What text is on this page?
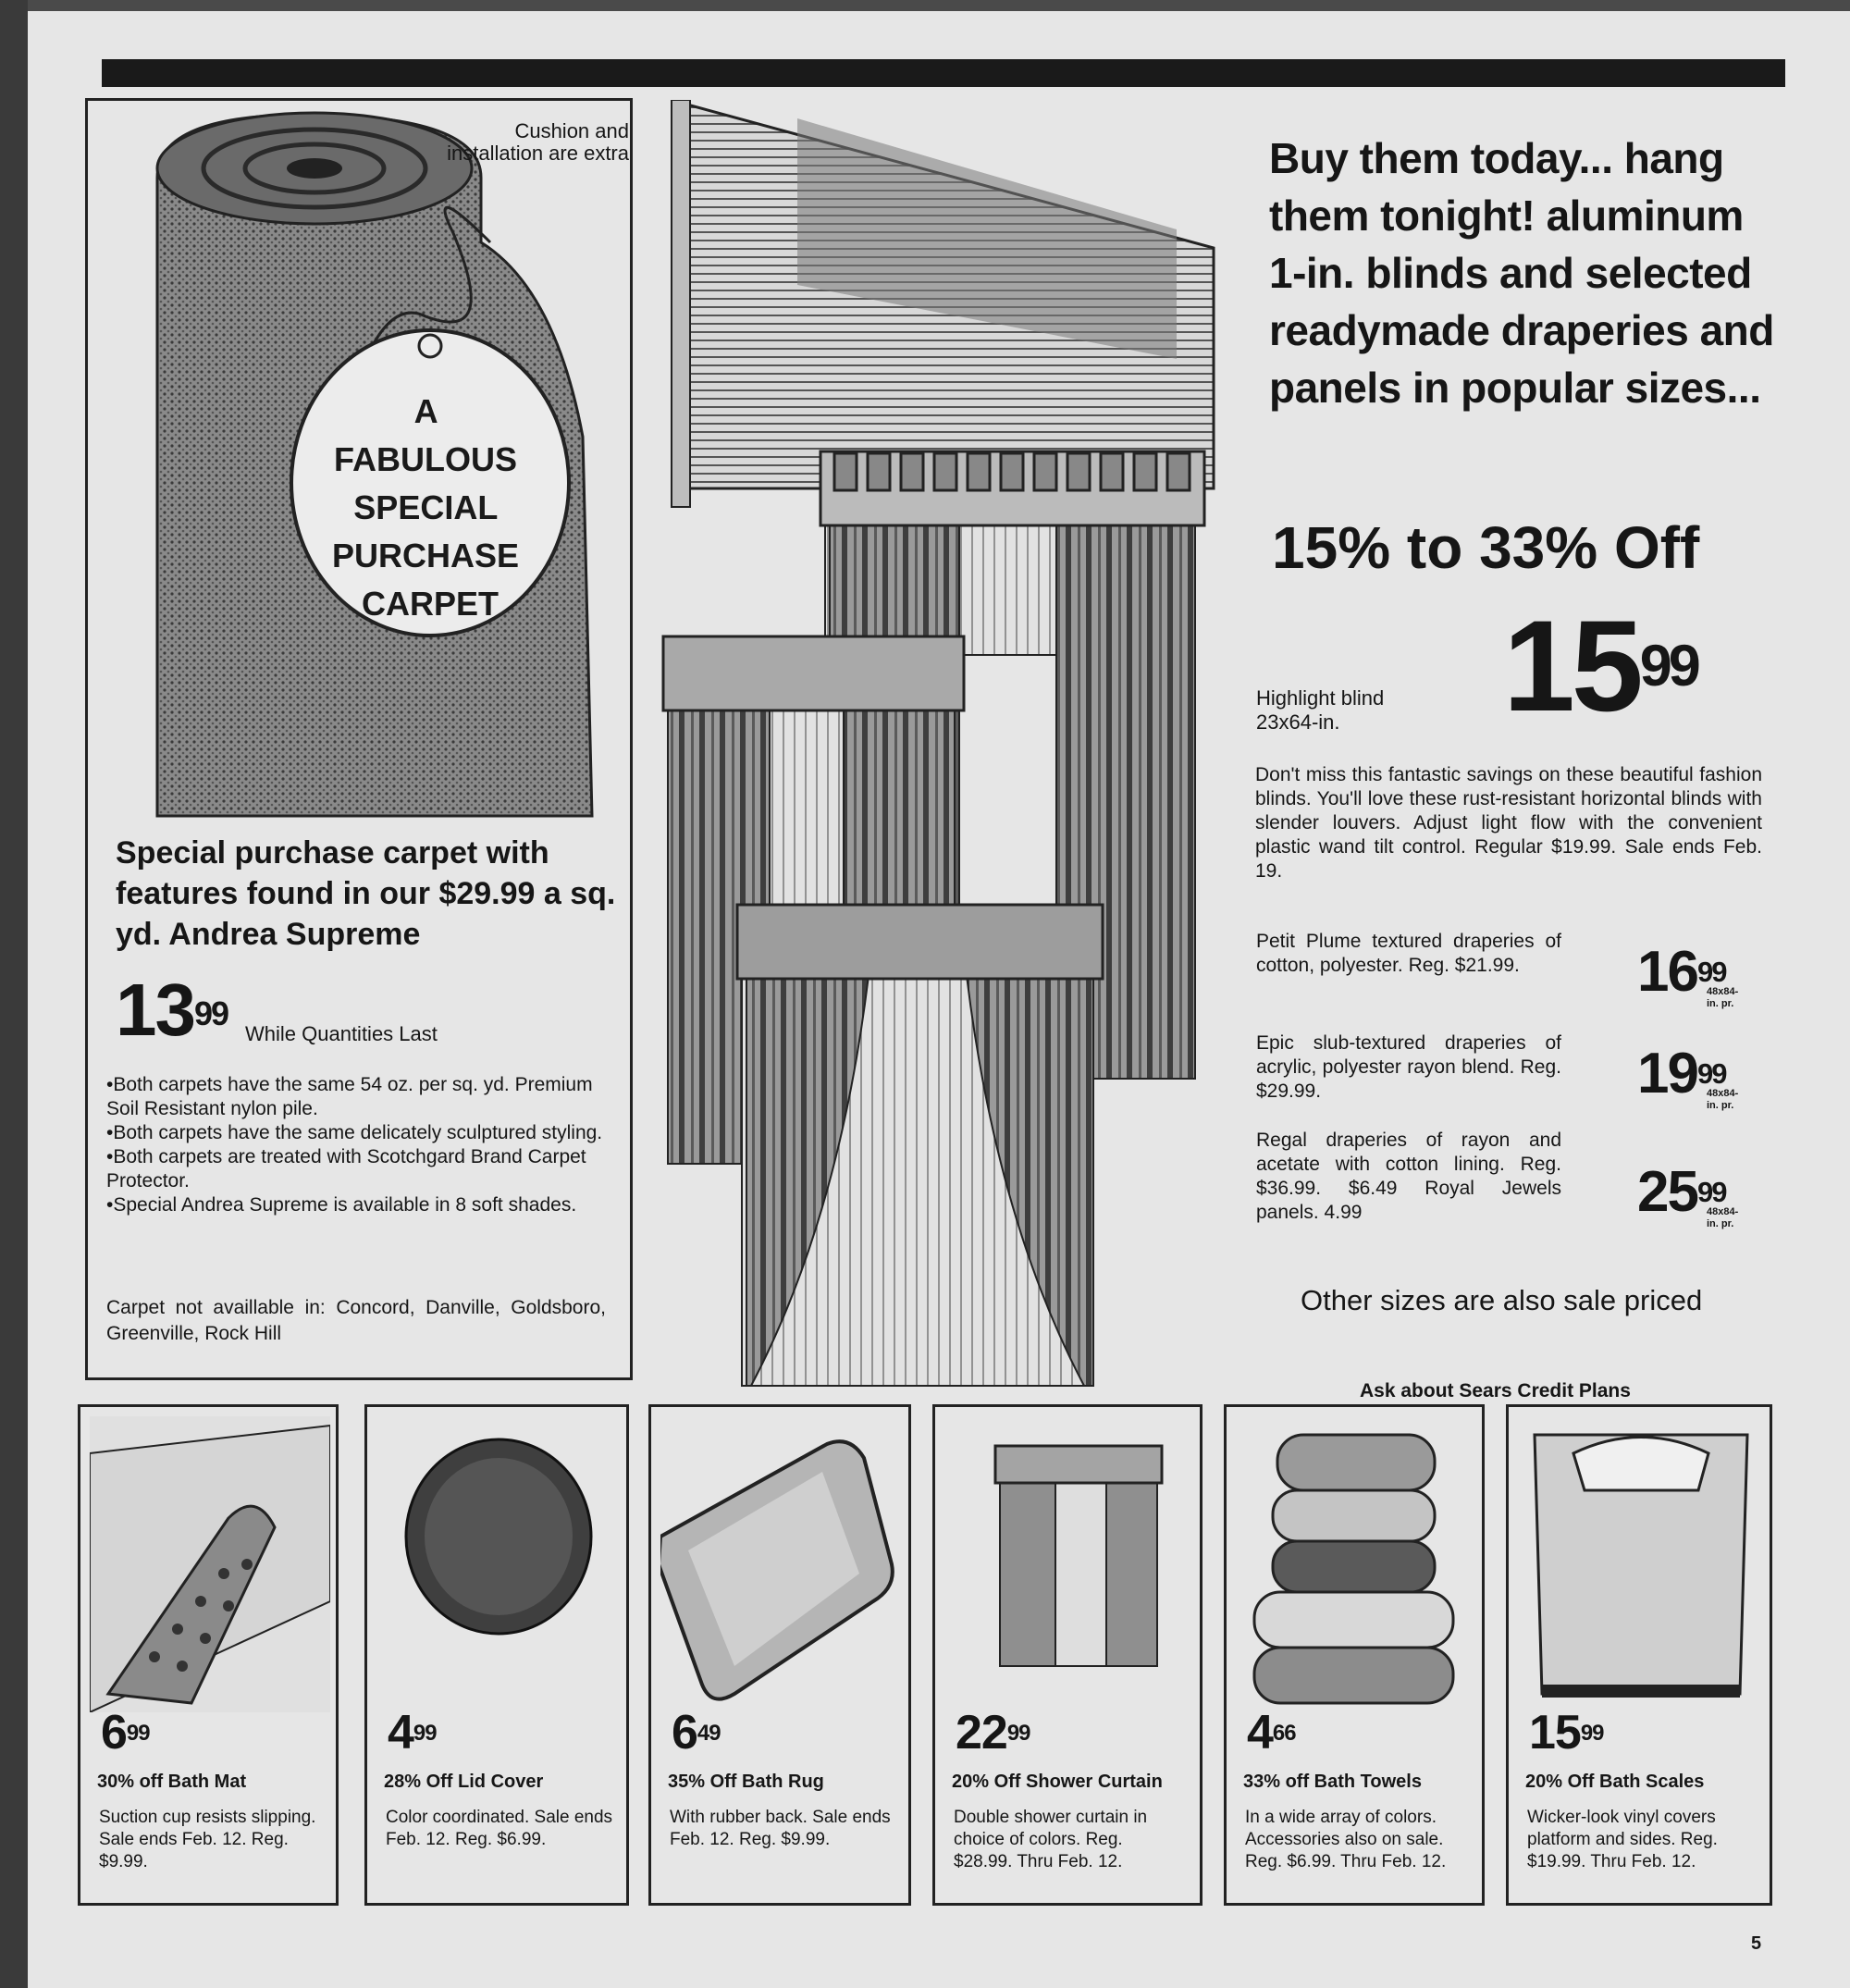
A FABULOUS SPECIAL PURCHASE CARPET
Cushion and installation are extra
Special purchase carpet with features found in our $29.99 a sq. yd. Andrea Supreme
$13^{99}$
While Quantities Last
•Both carpets have the same 54 oz. per sq. yd. Premium Soil Resistant nylon pile.
•Both carpets have the same delicately sculptured styling.
•Both carpets are treated with Scotchgard Brand Carpet Protector.
•Special Andrea Supreme is available in 8 soft shades.
Carpet not availlable in: Concord, Danville, Goldsboro, Greenville, Rock Hill
Buy them today... hang them tonight! aluminum 1-in. blinds and selected readymade draperies and panels in popular sizes...
15% to 33% Off
Highlight blind 23x64-in.	$15^{99}$
Don't miss this fantastic savings on these beautiful fashion blinds. You'll love these rust-resistant horizontal blinds with slender louvers. Adjust light flow with the convenient plastic wand tilt control. Regular $19.99. Sale ends Feb. 19.
Petit Plume textured draperies of cotton, polyester. Reg. $21.99.	$16^{99}$
48x84- in. pr.
Epic slub-textured draperies of acrylic, polyester rayon blend. Reg. $29.99.	$19^{99}$
48x84- in. pr.
Regal draperies of rayon and acetate with cotton lining. Reg. $36.99. $6.49 Royal Jewels panels. 4.99	$25^{99}$
48x84- in. pr.
Other sizes are also sale priced
Ask about Sears Credit Plans
$6^{99}$
30% off Bath Mat
Suction cup resists slipping. Sale ends Feb. 12. Reg. $9.99.
$4^{99}$
28% Off Lid Cover
Color coordinated. Sale ends Feb. 12. Reg. $6.99.
$6^{49}$
35% Off Bath Rug
With rubber back. Sale ends Feb. 12. Reg. $9.99.
$22^{99}$
20% Off Shower Curtain
Double shower curtain in choice of colors. Reg. $28.99. Thru Feb. 12.
$4^{66}$
33% off Bath Towels
In a wide array of colors. Accessories also on sale. Reg. $6.99. Thru Feb. 12.
$15^{99}$
20% Off Bath Scales
Wicker-look vinyl covers platform and sides. Reg. $19.99. Thru Feb. 12.
5
